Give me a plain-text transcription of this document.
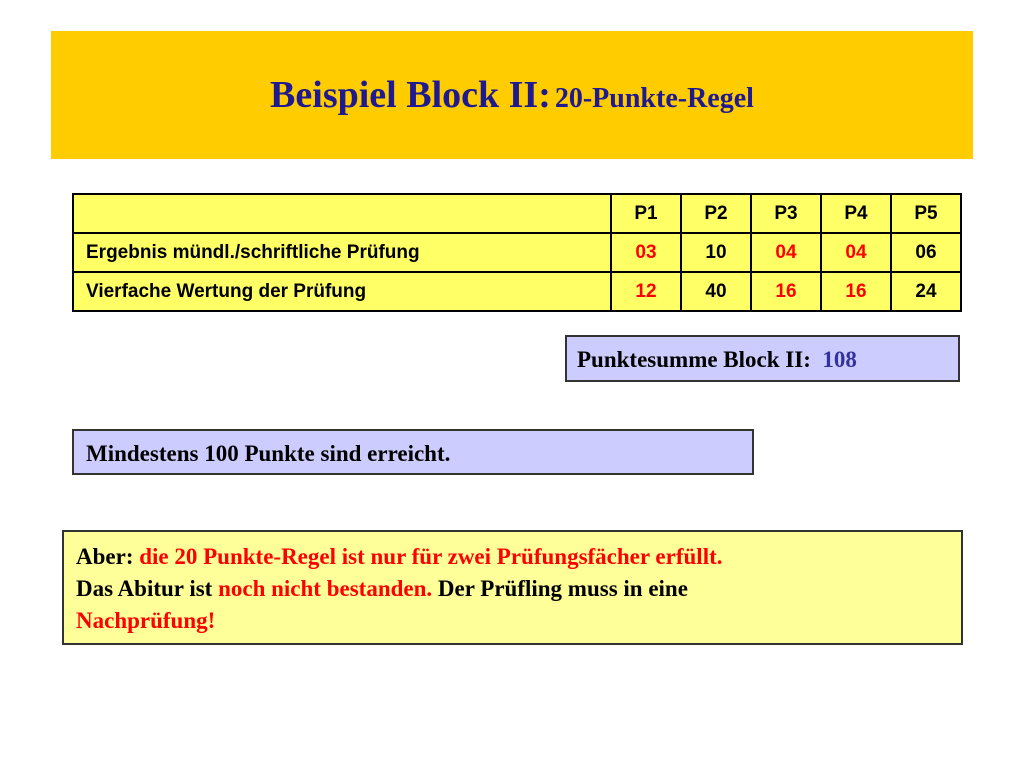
Beispiel Block II: 20-Punkte-Regel
	P1	P2	P3	P4	P5
Ergebnis mündl./schriftliche Prüfung	03	10	04	04	06
Vierfache Wertung der Prüfung	12	40	16	16	24
Punktesumme Block II: 108
Mindestens 100 Punkte sind erreicht.
Aber: die 20 Punkte-Regel ist nur für zwei Prüfungsfächer erfüllt.
Das Abitur ist noch nicht bestanden. Der Prüfling muss in eine
Nachprüfung!
